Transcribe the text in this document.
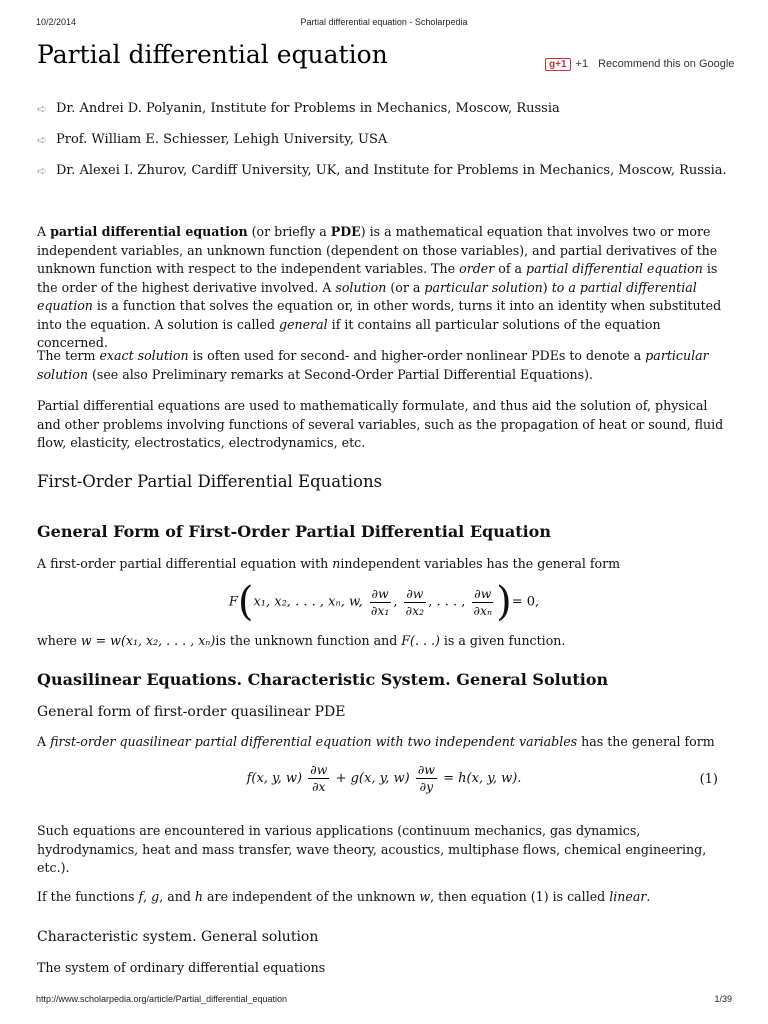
10/2/2014	Partial differential equation - Scholarpedia
Partial differential equation	g+1 +1 Recommend this on Google
➪ Dr. Andrei D. Polyanin, Institute for Problems in Mechanics, Moscow, Russia
➪ Prof. William E. Schiesser, Lehigh University, USA
➪ Dr. Alexei I. Zhurov, Cardiff University, UK, and Institute for Problems in Mechanics, Moscow, Russia.

A partial differential equation (or briefly a PDE) is a mathematical equation that involves two or more independent variables, an unknown function (dependent on those variables), and partial derivatives of the unknown function with respect to the independent variables. The order of a partial differential equation is the order of the highest derivative involved. A solution (or a particular solution) to a partial differential equation is a function that solves the equation or, in other words, turns it into an identity when substituted into the equation. A solution is called general if it contains all particular solutions of the equation concerned.

The term exact solution is often used for second- and higher-order nonlinear PDEs to denote a particular solution (see also Preliminary remarks at Second-Order Partial Differential Equations).

Partial differential equations are used to mathematically formulate, and thus aid the solution of, physical and other problems involving functions of several variables, such as the propagation of heat or sound, fluid flow, elasticity, electrostatics, electrodynamics, etc.

First-Order Partial Differential Equations
General Form of First-Order Partial Differential Equation

A first-order partial differential equation with nindependent variables has the general form

F(x₁, x₂, . . . , xₙ, w, $\frac{\partial w}{\text{∂x₁}}$ , $\frac{\partial w}{\text{∂x₂}}$ , . . . , $\frac{\partial w}{\text{∂xₙ}}$ )= 0,

where w = w(x₁, x₂, . . . , xₙ)is the unknown function and F(. . .) is a given function.

Quasilinear Equations. Characteristic System. General Solution
General form of first-order quasilinear PDE

A first-order quasilinear partial differential equation with two independent variables has the general form

f(x, y, $w) \frac{\partial w}{\partial x} + g(x$, y, $w) \frac{\partial w}{\partial y} = h(x$, y, w).	(1)

Such equations are encountered in various applications (continuum mechanics, gas dynamics, hydrodynamics, heat and mass transfer, wave theory, acoustics, multiphase flows, chemical engineering, etc.).

If the functions f, g, and h are independent of the unknown w, then equation (1) is called linear.

Characteristic system. General solution

The system of ordinary differential equations

http://www.scholarpedia.org/article/Partial_differential_equation	1/39
